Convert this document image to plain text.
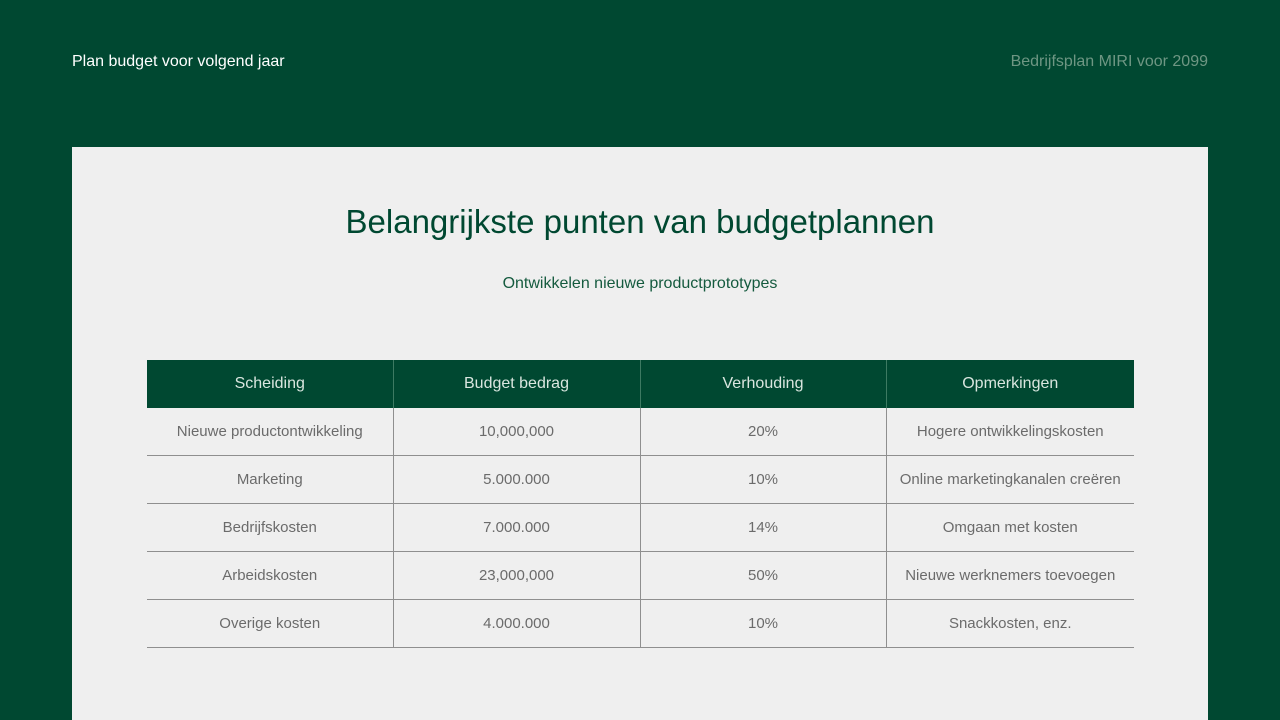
Plan budget voor volgend jaar	Bedrijfsplan MIRI voor 2099
Belangrijkste punten van budgetplannen
Ontwikkelen nieuwe productprototypes
Scheiding	Budget bedrag	Verhouding	Opmerkingen
Nieuwe productontwikkeling	10,000,000	20%	Hogere ontwikkelingskosten
Marketing	5.000.000	10%	Online marketingkanalen creëren
Bedrijfskosten	7.000.000	14%	Omgaan met kosten
Arbeidskosten	23,000,000	50%	Nieuwe werknemers toevoegen
Overige kosten	4.000.000	10%	Snackkosten, enz.
